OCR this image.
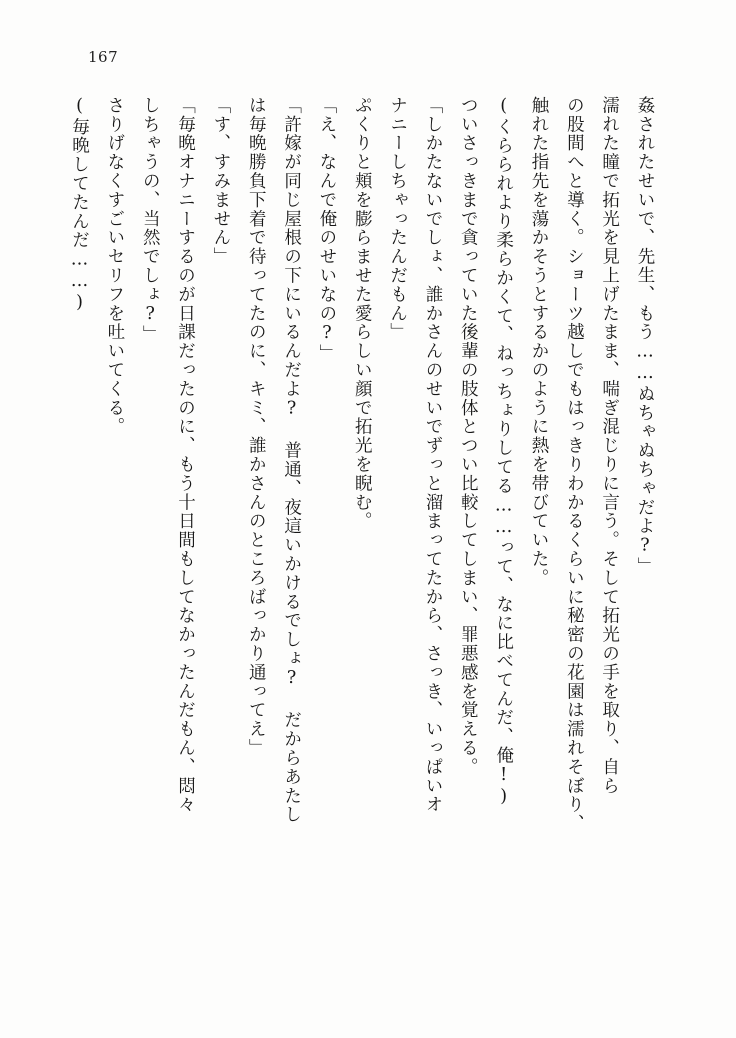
167

姦されたせいで、先生、もう……ぬちゃぬちゃだよ?」

濡れた瞳で拓光を見上げたまま、喘ぎ混じりに言う。そして拓光の手を取り、自ら

の股間へと導く。ショーツ越しでもはっきりわかるくらいに秘密の花園は濡れそぼり、

触れた指先を蕩かそうとするかのように熱を帯びていた。

(くらられより柔らかくて、ねっちょりしてる……って、なに比べてんだ、俺!)

ついさっきまで貪っていた後輩の肢体とつい比較してしまい、罪悪感を覚える。

「しかたないでしょ、誰かさんのせいでずっと溜まってたから、さっき、いっぱいオ

ナニーしちゃったんだもん」

ぷくりと頬を膨らませた愛らしい顔で拓光を睨む。

「え、なんで俺のせいなの?」

「許嫁が同じ屋根の下にいるんだよ? 普通、夜這いかけるでしょ? だからあたし

は毎晩勝負下着で待ってたのに、キミ、誰かさんのところばっかり通ってえ」

「す、すみません」

「毎晩オナニーするのが日課だったのに、もう十日間もしてなかったんだもん、悶々

しちゃうの、当然でしょ?」

さりげなくすごいセリフを吐いてくる。

(毎晩してたんだ……)
